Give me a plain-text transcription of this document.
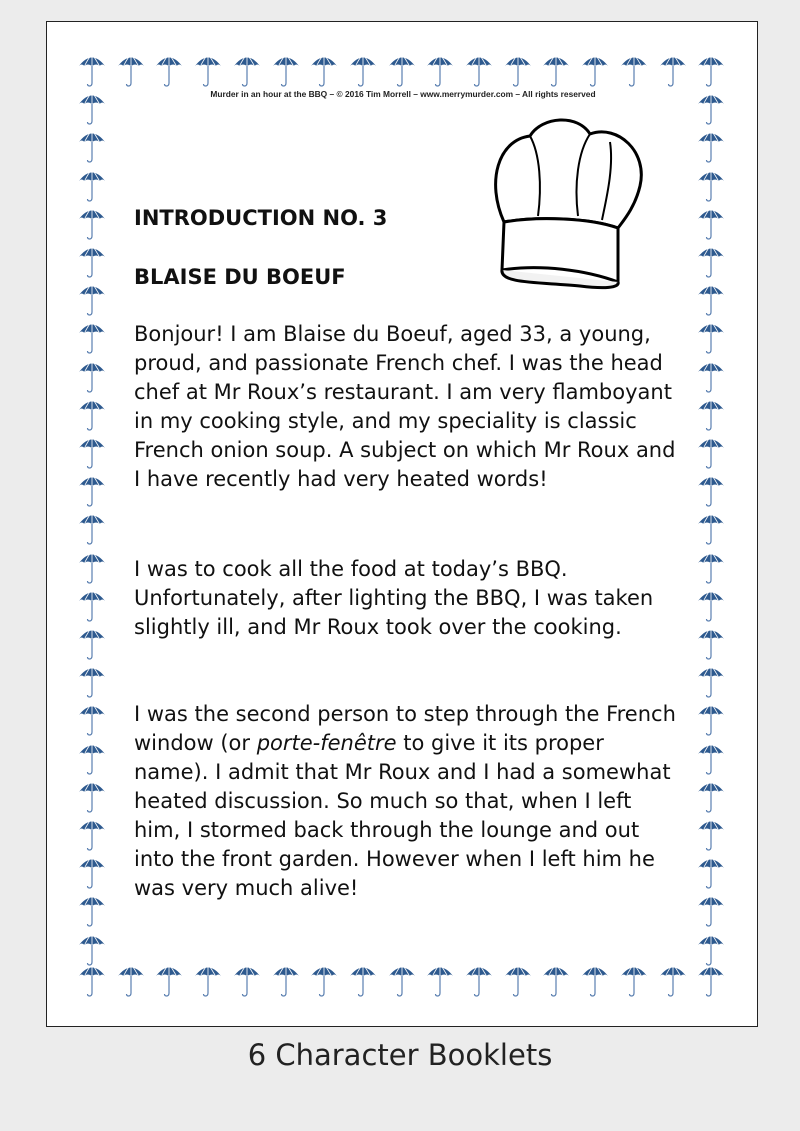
Murder in an hour at the BBQ – © 2016 Tim Morrell – www.merrymurder.com – All rights reserved
INTRODUCTION NO. 3
BLAISE DU BOEUF

Bonjour! I am Blaise du Boeuf, aged 33, a young, proud, and passionate French chef. I was the head chef at Mr Roux’s restaurant. I am very flamboyant in my cooking style, and my speciality is classic French onion soup. A subject on which Mr Roux and I have recently had very heated words!

I was to cook all the food at today’s BBQ. Unfortunately, after lighting the BBQ, I was taken slightly ill, and Mr Roux took over the cooking.

I was the second person to step through the French window (or porte-fenêtre to give it its proper name). I admit that Mr Roux and I had a somewhat heated discussion. So much so that, when I left him, I stormed back through the lounge and out into the front garden. However when I left him he was very much alive!

6 Character Booklets
